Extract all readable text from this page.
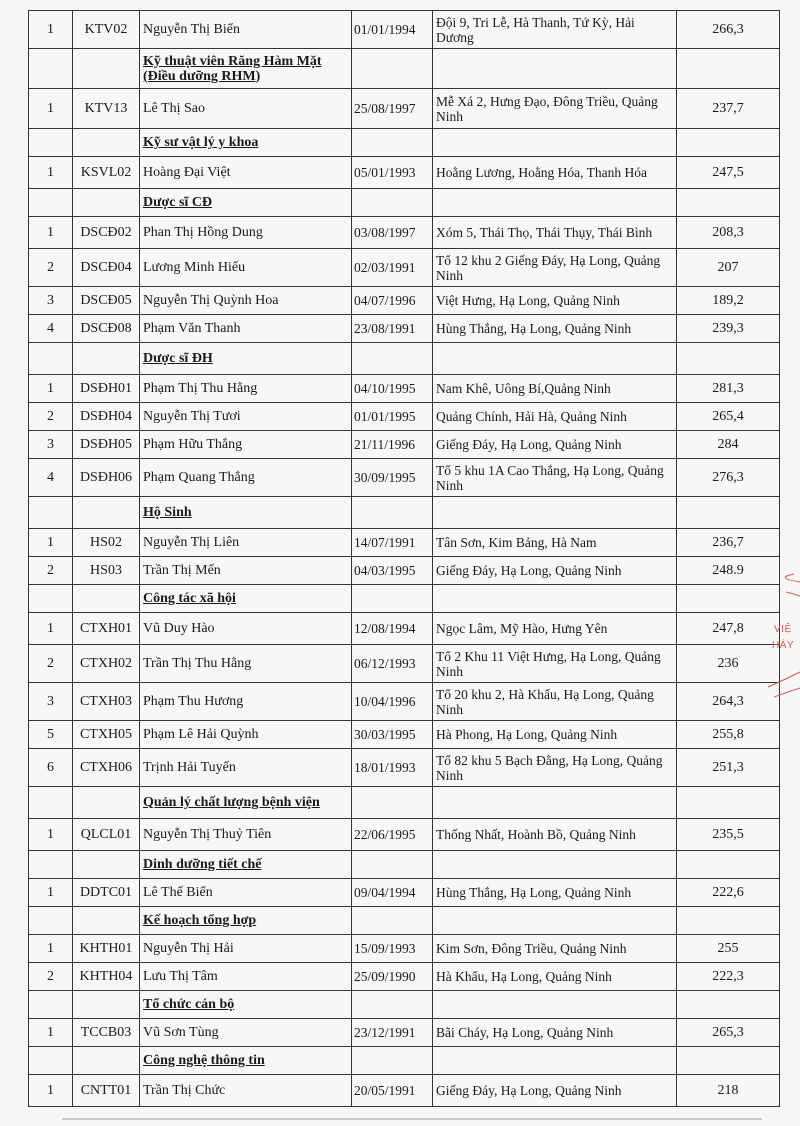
1	KTV02	Nguyễn Thị Biển	01/01/1994	Đội 9, Tri Lễ, Hà Thanh, Tứ Kỳ, Hải Dương	266,3
		Kỹ thuật viên Răng Hàm Mặt (Điều dưỡng RHM)			
1	KTV13	Lê Thị Sao	25/08/1997	Mễ Xá 2, Hưng Đạo, Đông Triều, Quảng Ninh	237,7
		Kỹ sư vật lý y khoa			
1	KSVL02	Hoàng Đại Việt	05/01/1993	Hoằng Lương, Hoằng Hóa, Thanh Hóa	247,5
		Dược sĩ CĐ			
1	DSCĐ02	Phan Thị Hồng Dung	03/08/1997	Xóm 5, Thái Thọ, Thái Thụy, Thái Bình	208,3
2	DSCĐ04	Lương Minh Hiếu	02/03/1991	Tổ 12 khu 2 Giếng Đáy, Hạ Long, Quảng Ninh	207
3	DSCĐ05	Nguyễn Thị Quỳnh Hoa	04/07/1996	Việt Hưng, Hạ Long, Quảng Ninh	189,2
4	DSCĐ08	Phạm Văn Thanh	23/08/1991	Hùng Thắng, Hạ Long, Quảng Ninh	239,3
		Dược sĩ ĐH			
1	DSĐH01	Phạm Thị Thu Hằng	04/10/1995	Nam Khê, Uông Bí,Quảng Ninh	281,3
2	DSĐH04	Nguyễn Thị Tươi	01/01/1995	Quảng Chính, Hải Hà, Quảng Ninh	265,4
3	DSĐH05	Phạm Hữu Thắng	21/11/1996	Giếng Đáy, Hạ Long, Quảng Ninh	284
4	DSĐH06	Phạm Quang Thắng	30/09/1995	Tổ 5 khu 1A Cao Thắng, Hạ Long, Quảng Ninh	276,3
		Hộ Sinh			
1	HS02	Nguyễn Thị Liên	14/07/1991	Tân Sơn, Kim Bảng, Hà Nam	236,7
2	HS03	Trần Thị Mến	04/03/1995	Giếng Đáy, Hạ Long, Quảng Ninh	248.9
		Công tác xã hội			
1	CTXH01	Vũ Duy Hào	12/08/1994	Ngọc Lâm, Mỹ Hào, Hưng Yên	247,8
2	CTXH02	Trần Thị Thu Hằng	06/12/1993	Tổ 2 Khu 11 Việt Hưng, Hạ Long, Quảng Ninh	236
3	CTXH03	Phạm Thu Hương	10/04/1996	Tổ 20 khu 2, Hà Khẩu, Hạ Long, Quảng Ninh	264,3
5	CTXH05	Phạm Lê Hải Quỳnh	30/03/1995	Hà Phong, Hạ Long, Quảng Ninh	255,8
6	CTXH06	Trịnh Hải Tuyến	18/01/1993	Tổ 82 khu 5 Bạch Đằng, Hạ Long, Quảng Ninh	251,3
		Quản lý chất lượng bệnh viện			
1	QLCL01	Nguyễn Thị Thuỷ Tiên	22/06/1995	Thống Nhất, Hoành Bồ, Quảng Ninh	235,5
		Dinh dưỡng tiết chế			
1	DDTC01	Lê Thế Biển	09/04/1994	Hùng Thắng, Hạ Long, Quảng Ninh	222,6
		Kế hoạch tổng hợp			
1	KHTH01	Nguyễn Thị Hải	15/09/1993	Kim Sơn, Đông Triều, Quảng Ninh	255
2	KHTH04	Lưu Thị Tâm	25/09/1990	Hà Khẩu, Hạ Long, Quảng Ninh	222,3
		Tổ chức cán bộ			
1	TCCB03	Vũ Sơn Tùng	23/12/1991	Bãi Cháy, Hạ Long, Quảng Ninh	265,3
		Công nghệ thông tin			
1	CNTT01	Trần Thị Chức	20/05/1991	Giếng Đáy, Hạ Long, Quảng Ninh	218
VIỆ
HÁY
